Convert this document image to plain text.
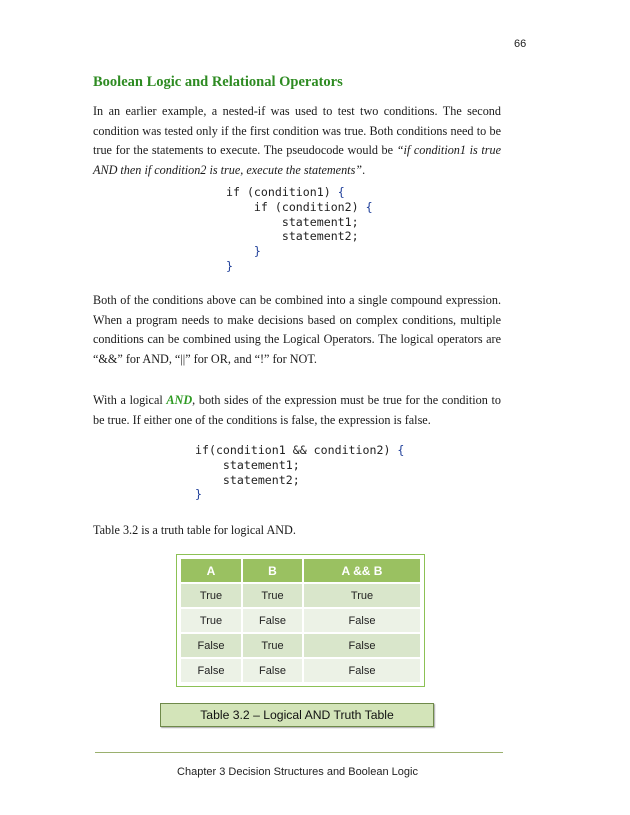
66
Boolean Logic and Relational Operators

In an earlier example, a nested-if was used to test two conditions. The second condition was tested only if the first condition was true. Both conditions need to be true for the statements to execute. The pseudocode would be “if condition1 is true AND then if condition2 is true, execute the statements”.

if (condition1) {
if (condition2) {
statement1;
statement2;
}
}

Both of the conditions above can be combined into a single compound expression. When a program needs to make decisions based on complex conditions, multiple conditions can be combined using the Logical Operators. The logical operators are “&&” for AND, “||” for OR, and “!” for NOT.

With a logical AND, both sides of the expression must be true for the condition to be true. If either one of the conditions is false, the expression is false.

if(condition1 && condition2) {
statement1;
statement2;
}

Table 3.2 is a truth table for logical AND.

A	B	A && B
True	True	True
True	False	False
False	True	False
False	False	False
Table 3.2 – Logical AND Truth Table
Chapter 3 Decision Structures and Boolean Logic
